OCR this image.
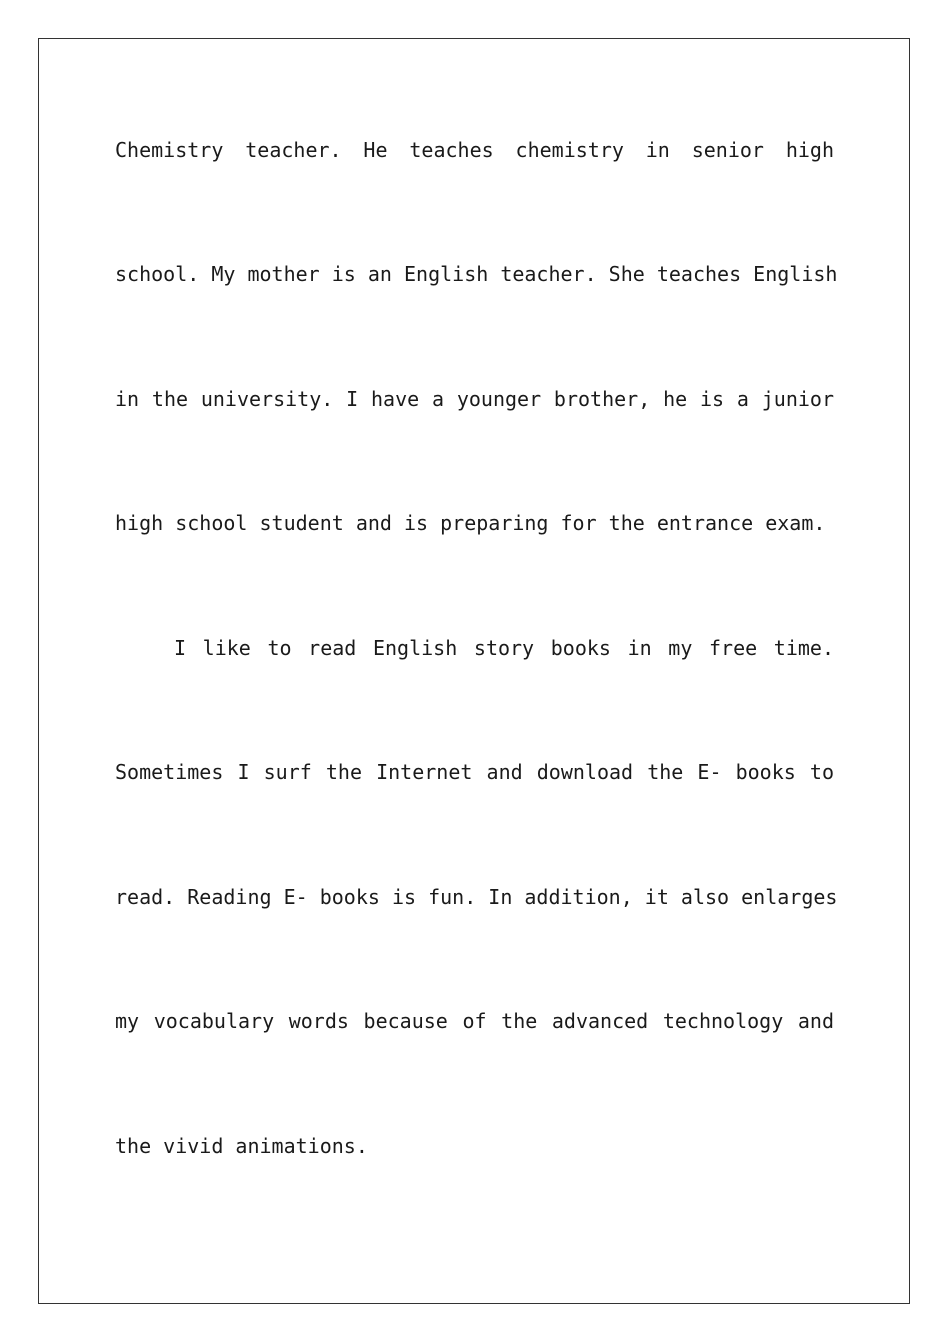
Chemistry teacher. He teaches chemistry in senior high
school. My mother is an English teacher. She teaches English
in the university. I have a younger brother, he is a junior
high school student and is preparing for the entrance exam.
I like to read English story books in my free time.
Sometimes I surf the Internet and download the E- books to
read. Reading E- books is fun. In addition, it also enlarges
my vocabulary words because of the advanced technology and
the vivid animations.
